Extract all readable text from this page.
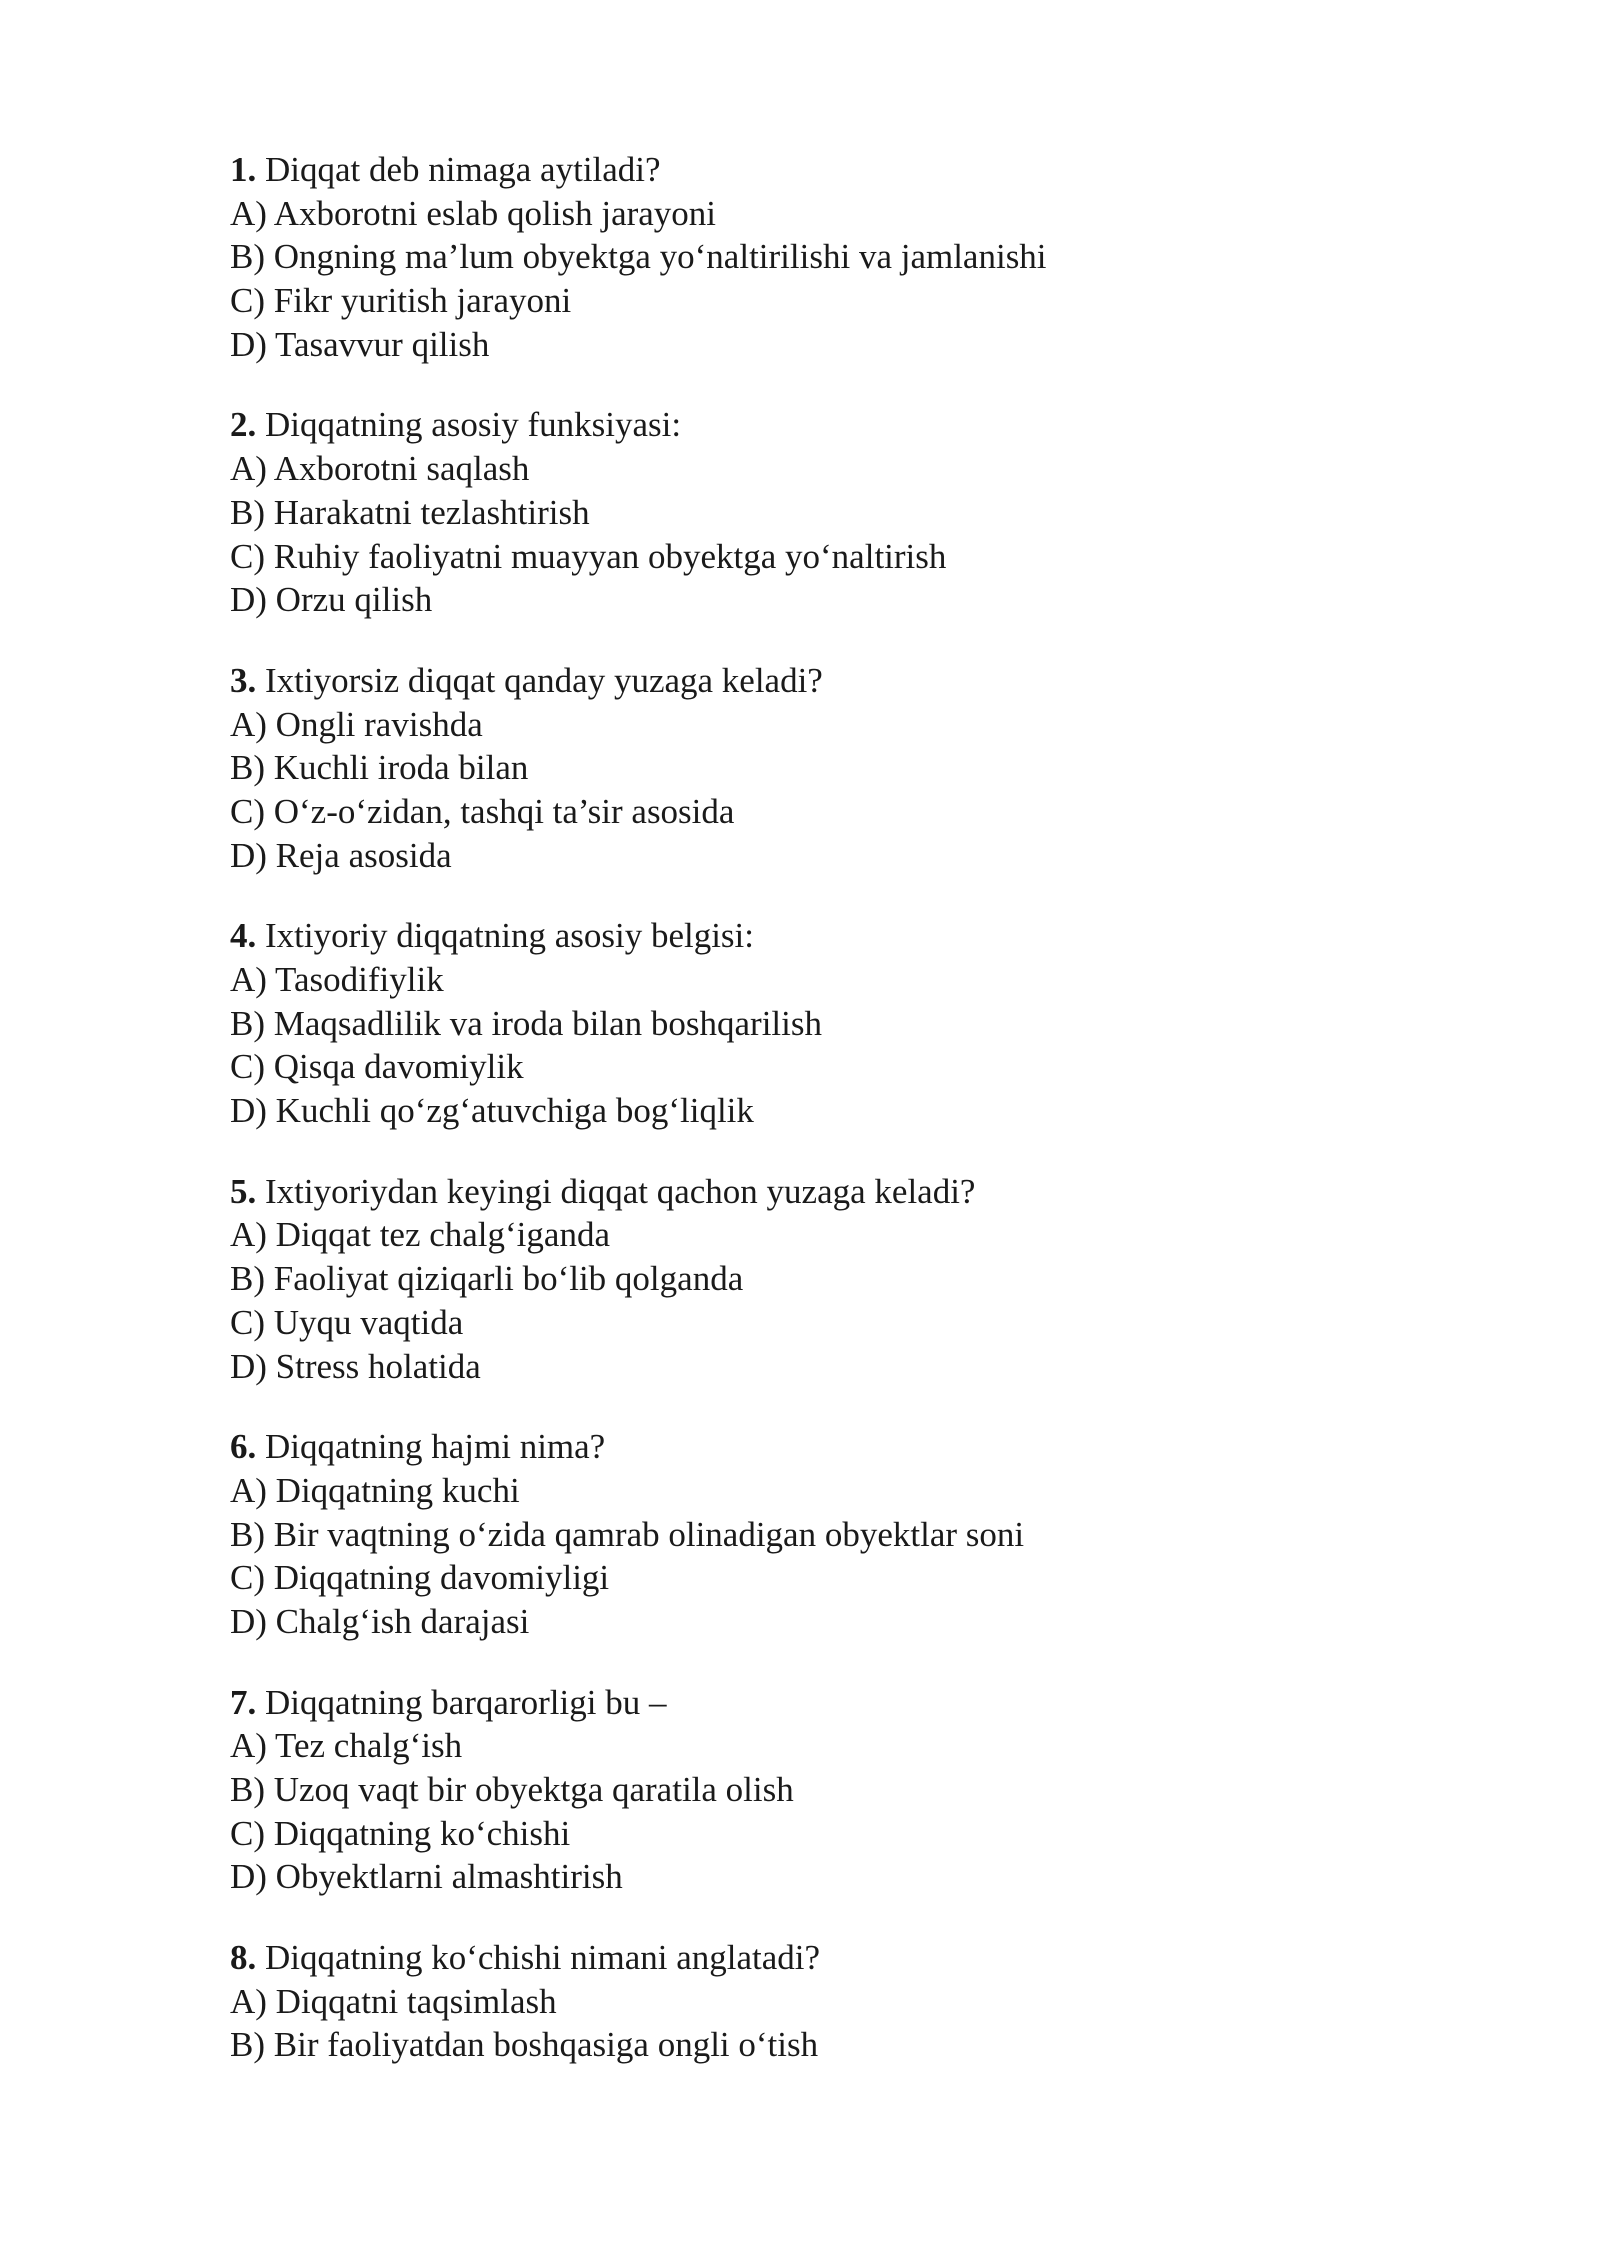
1. Diqqat deb nimaga aytiladi?
A) Axborotni eslab qolish jarayoni
B) Ongning ma’lum obyektga yo‘naltirilishi va jamlanishi
C) Fikr yuritish jarayoni
D) Tasavvur qilish
2. Diqqatning asosiy funksiyasi:
A) Axborotni saqlash
B) Harakatni tezlashtirish
C) Ruhiy faoliyatni muayyan obyektga yo‘naltirish
D) Orzu qilish
3. Ixtiyorsiz diqqat qanday yuzaga keladi?
A) Ongli ravishda
B) Kuchli iroda bilan
C) O‘z-o‘zidan, tashqi ta’sir asosida
D) Reja asosida
4. Ixtiyoriy diqqatning asosiy belgisi:
A) Tasodifiylik
B) Maqsadlilik va iroda bilan boshqarilish
C) Qisqa davomiylik
D) Kuchli qo‘zg‘atuvchiga bog‘liqlik
5. Ixtiyoriydan keyingi diqqat qachon yuzaga keladi?
A) Diqqat tez chalg‘iganda
B) Faoliyat qiziqarli bo‘lib qolganda
C) Uyqu vaqtida
D) Stress holatida
6. Diqqatning hajmi nima?
A) Diqqatning kuchi
B) Bir vaqtning o‘zida qamrab olinadigan obyektlar soni
C) Diqqatning davomiyligi
D) Chalg‘ish darajasi
7. Diqqatning barqarorligi bu –
A) Tez chalg‘ish
B) Uzoq vaqt bir obyektga qaratila olish
C) Diqqatning ko‘chishi
D) Obyektlarni almashtirish
8. Diqqatning ko‘chishi nimani anglatadi?
A) Diqqatni taqsimlash
B) Bir faoliyatdan boshqasiga ongli o‘tish
